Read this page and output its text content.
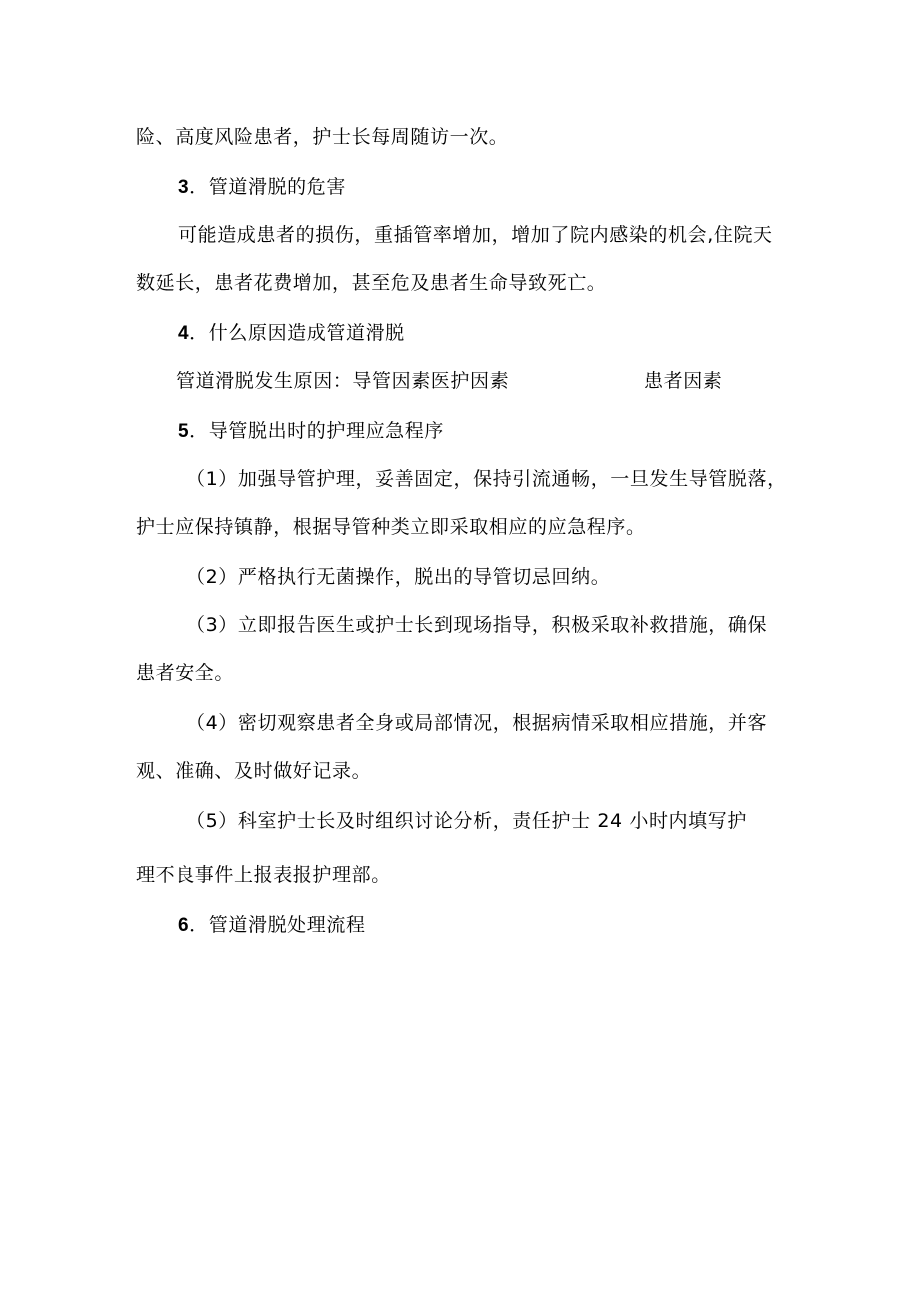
险、高度风险患者，护士长每周随访一次。
3．管道滑脱的危害
可能造成患者的损伤，重插管率增加，增加了院内感染的机会,住院天
数延长，患者花费增加，甚至危及患者生命导致死亡。
4．什么原因造成管道滑脱
管道滑脱发生原因：导管因素医护因素	患者因素
5．导管脱出时的护理应急程序
（1）加强导管护理，妥善固定，保持引流通畅，一旦发生导管脱落，
护士应保持镇静，根据导管种类立即采取相应的应急程序。
（2）严格执行无菌操作，脱出的导管切忌回纳。
（3）立即报告医生或护士长到现场指导，积极采取补救措施，确保
患者安全。
（4）密切观察患者全身或局部情况，根据病情采取相应措施，并客
观、准确、及时做好记录。
（5）科室护士长及时组织讨论分析，责任护士 24 小时内填写护
理不良事件上报表报护理部。
6．管道滑脱处理流程
